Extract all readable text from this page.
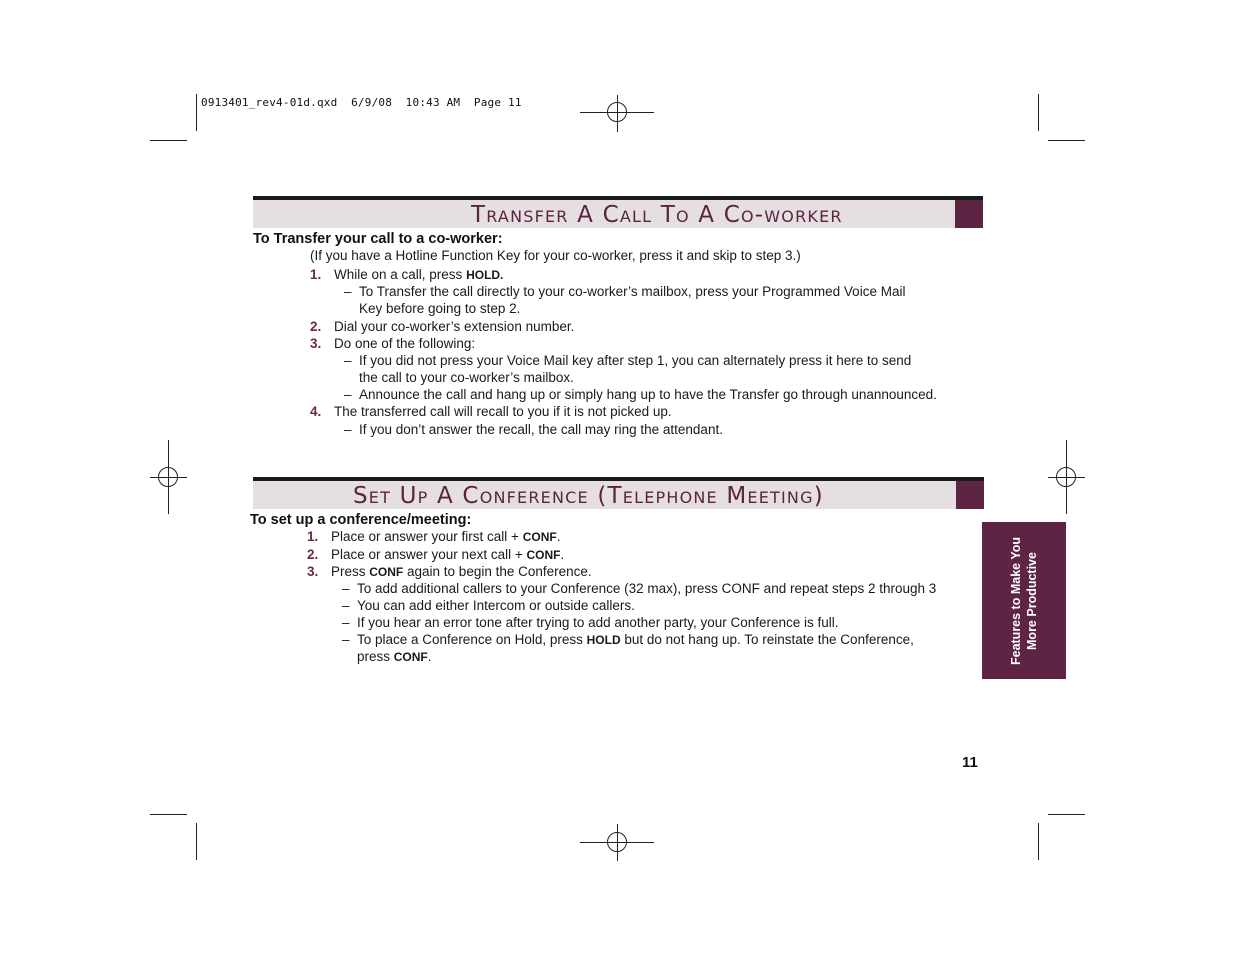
0913401_rev4-01d.qxd  6/9/08  10:43 AM  Page 11
Transfer A Call To A Co-worker
To Transfer your call to a co-worker:
(If you have a Hotline Function Key for your co-worker, press it and skip to step 3.)
1. While on a call, press HOLD.
– To Transfer the call directly to your co-worker’s mailbox, press your Programmed Voice Mail
Key before going to step 2.
2. Dial your co-worker’s extension number.
3. Do one of the following:
– If you did not press your Voice Mail key after step 1, you can alternately press it here to send
the call to your co-worker’s mailbox.
– Announce the call and hang up or simply hang up to have the Transfer go through unannounced.
4. The transferred call will recall to you if it is not picked up.
– If you don’t answer the recall, the call may ring the attendant.
Set Up A Conference (Telephone Meeting)
To set up a conference/meeting:
1. Place or answer your first call + CONF.
2. Place or answer your next call + CONF.
3. Press CONF again to begin the Conference.
– To add additional callers to your Conference (32 max), press CONF and repeat steps 2 through 3
– You can add either Intercom or outside callers.
– If you hear an error tone after trying to add another party, your Conference is full.
– To place a Conference on Hold, press HOLD but do not hang up. To reinstate the Conference,
press CONF.	Features to Make You More Productive
11
